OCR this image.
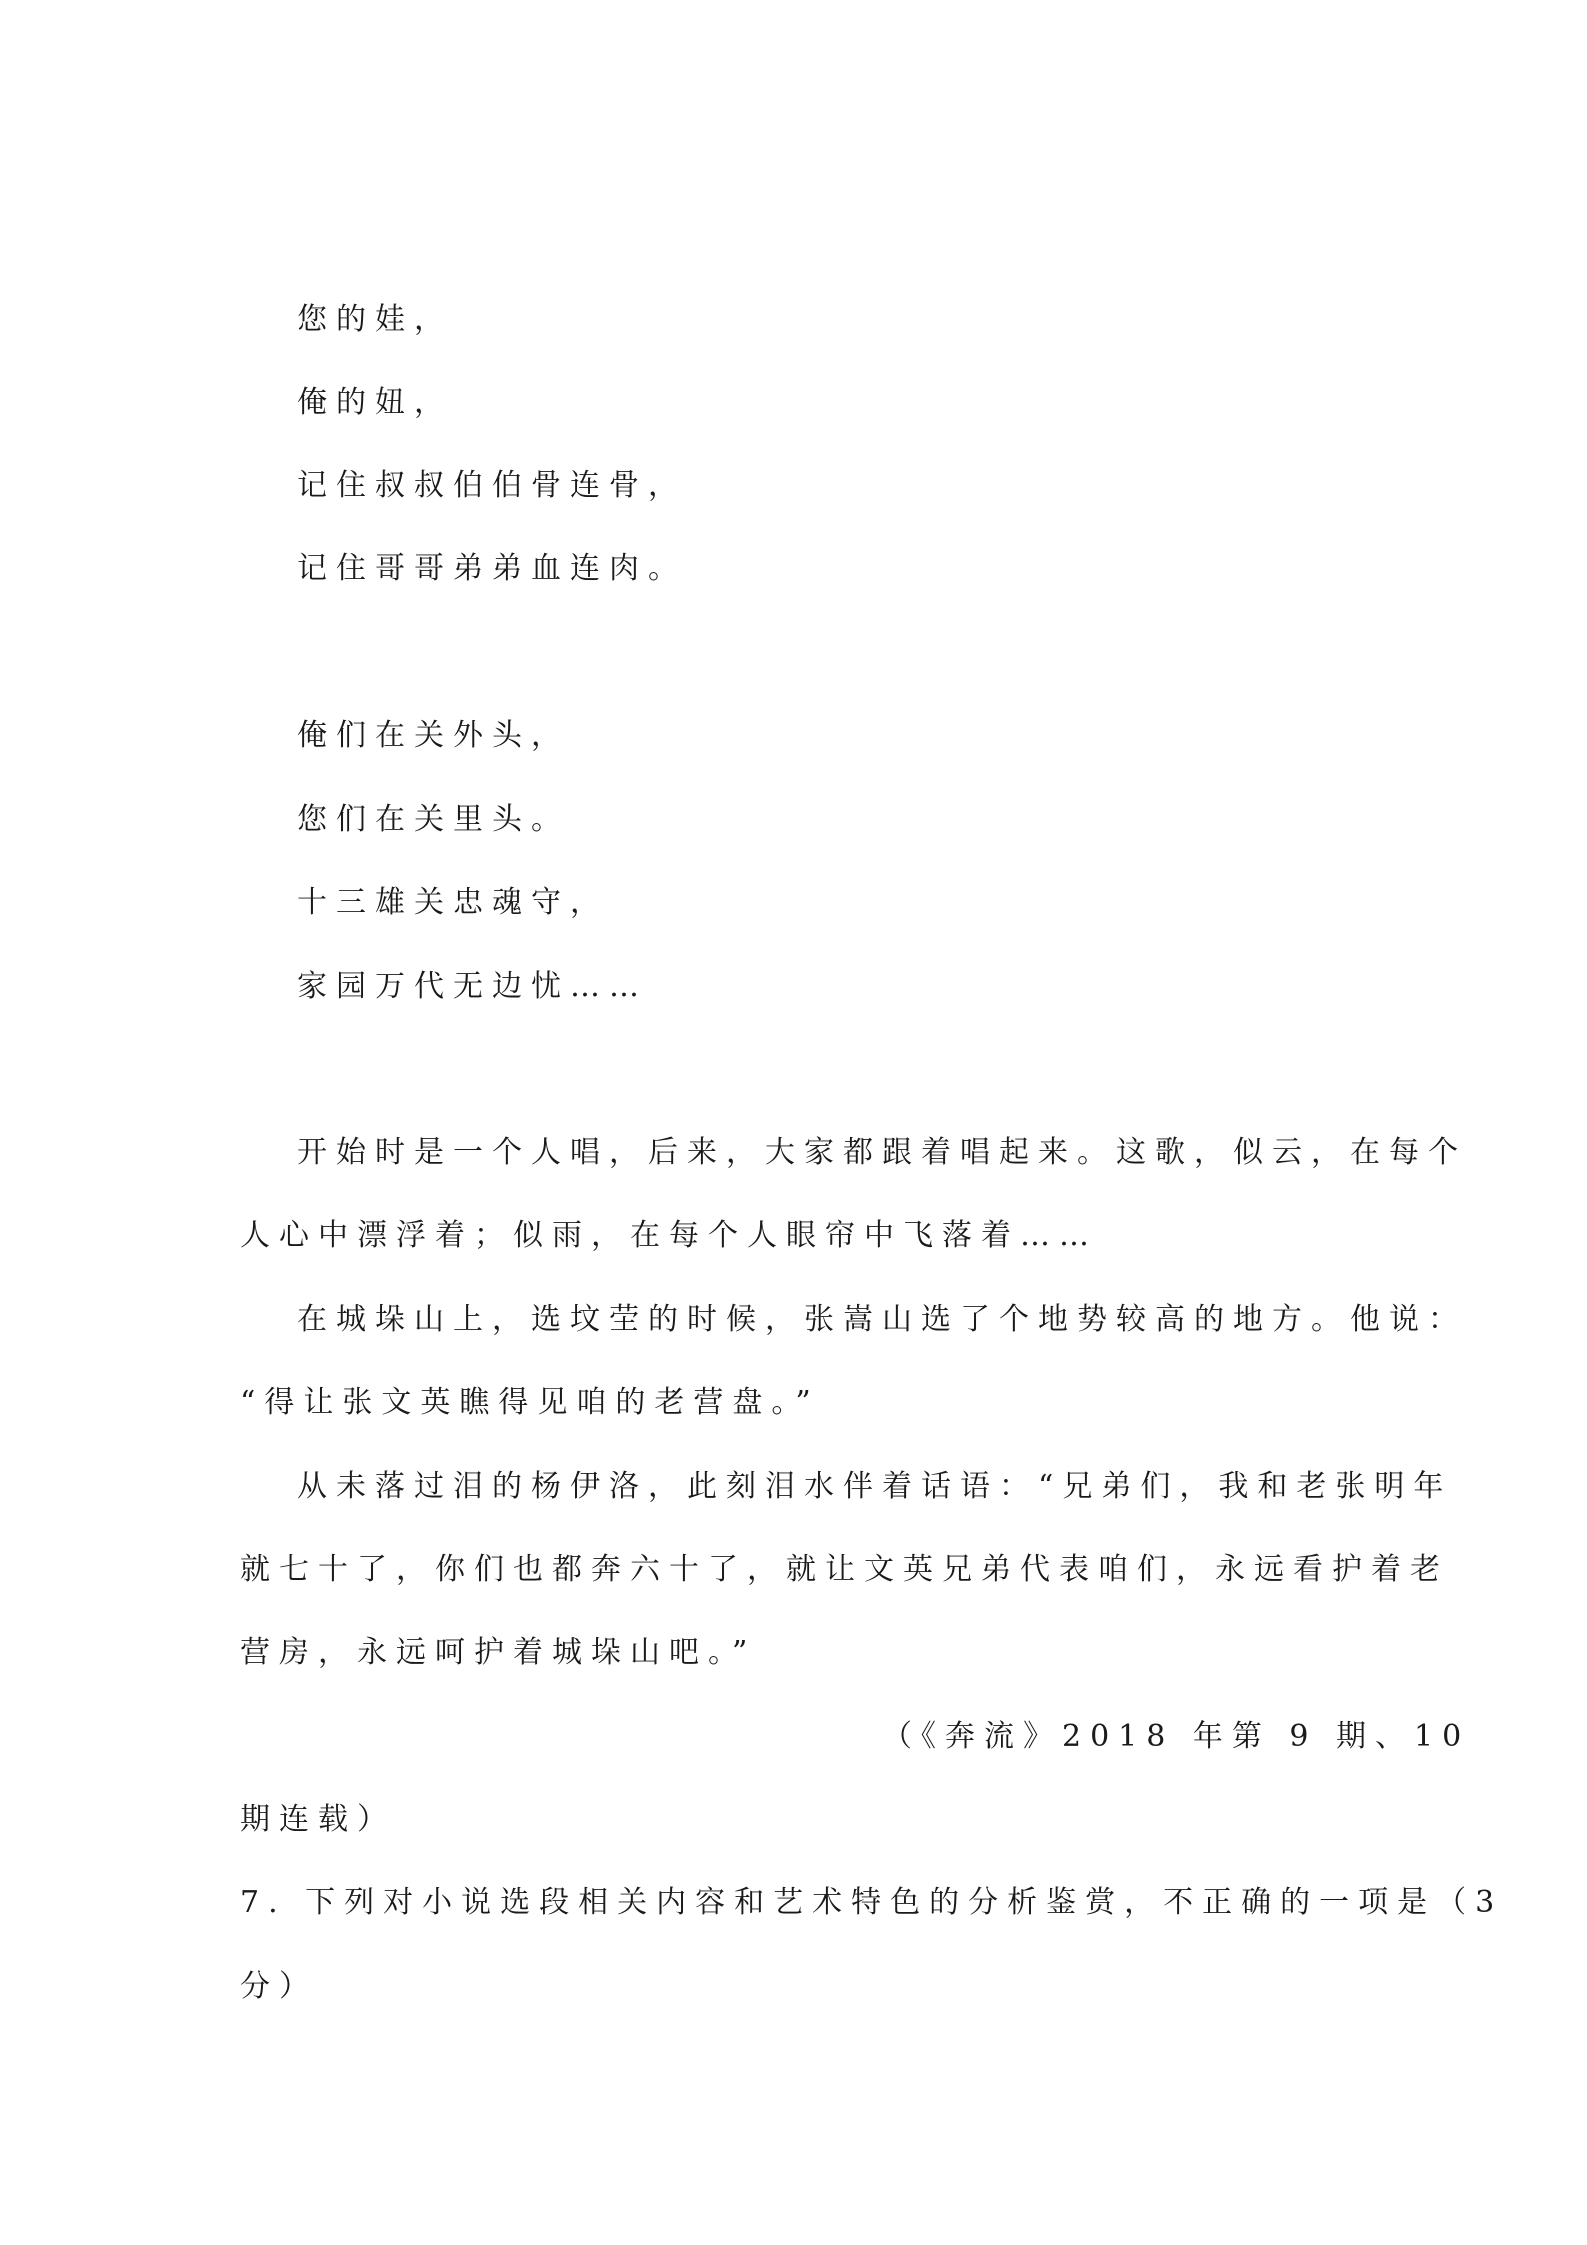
您的娃，
俺的妞，
记住叔叔伯伯骨连骨，
记住哥哥弟弟血连肉。
俺们在关外头，
您们在关里头。
十三雄关忠魂守，
家园万代无边忧……
开始时是一个人唱，后来，大家都跟着唱起来。这歌，似云，在每个
人心中漂浮着；似雨，在每个人眼帘中飞落着……
在城垛山上，选坟茔的时候，张嵩山选了个地势较高的地方。他说：
“得让张文英瞧得见咱的老营盘。”
从未落过泪的杨伊洛，此刻泪水伴着话语：“兄弟们，我和老张明年
就七十了，你们也都奔六十了，就让文英兄弟代表咱们，永远看护着老
营房，永远呵护着城垛山吧。”
（《奔流》2018 年第 9 期、10
期连载）
7. 下列对小说选段相关内容和艺术特色的分析鉴赏，不正确的一项是（3
分）
